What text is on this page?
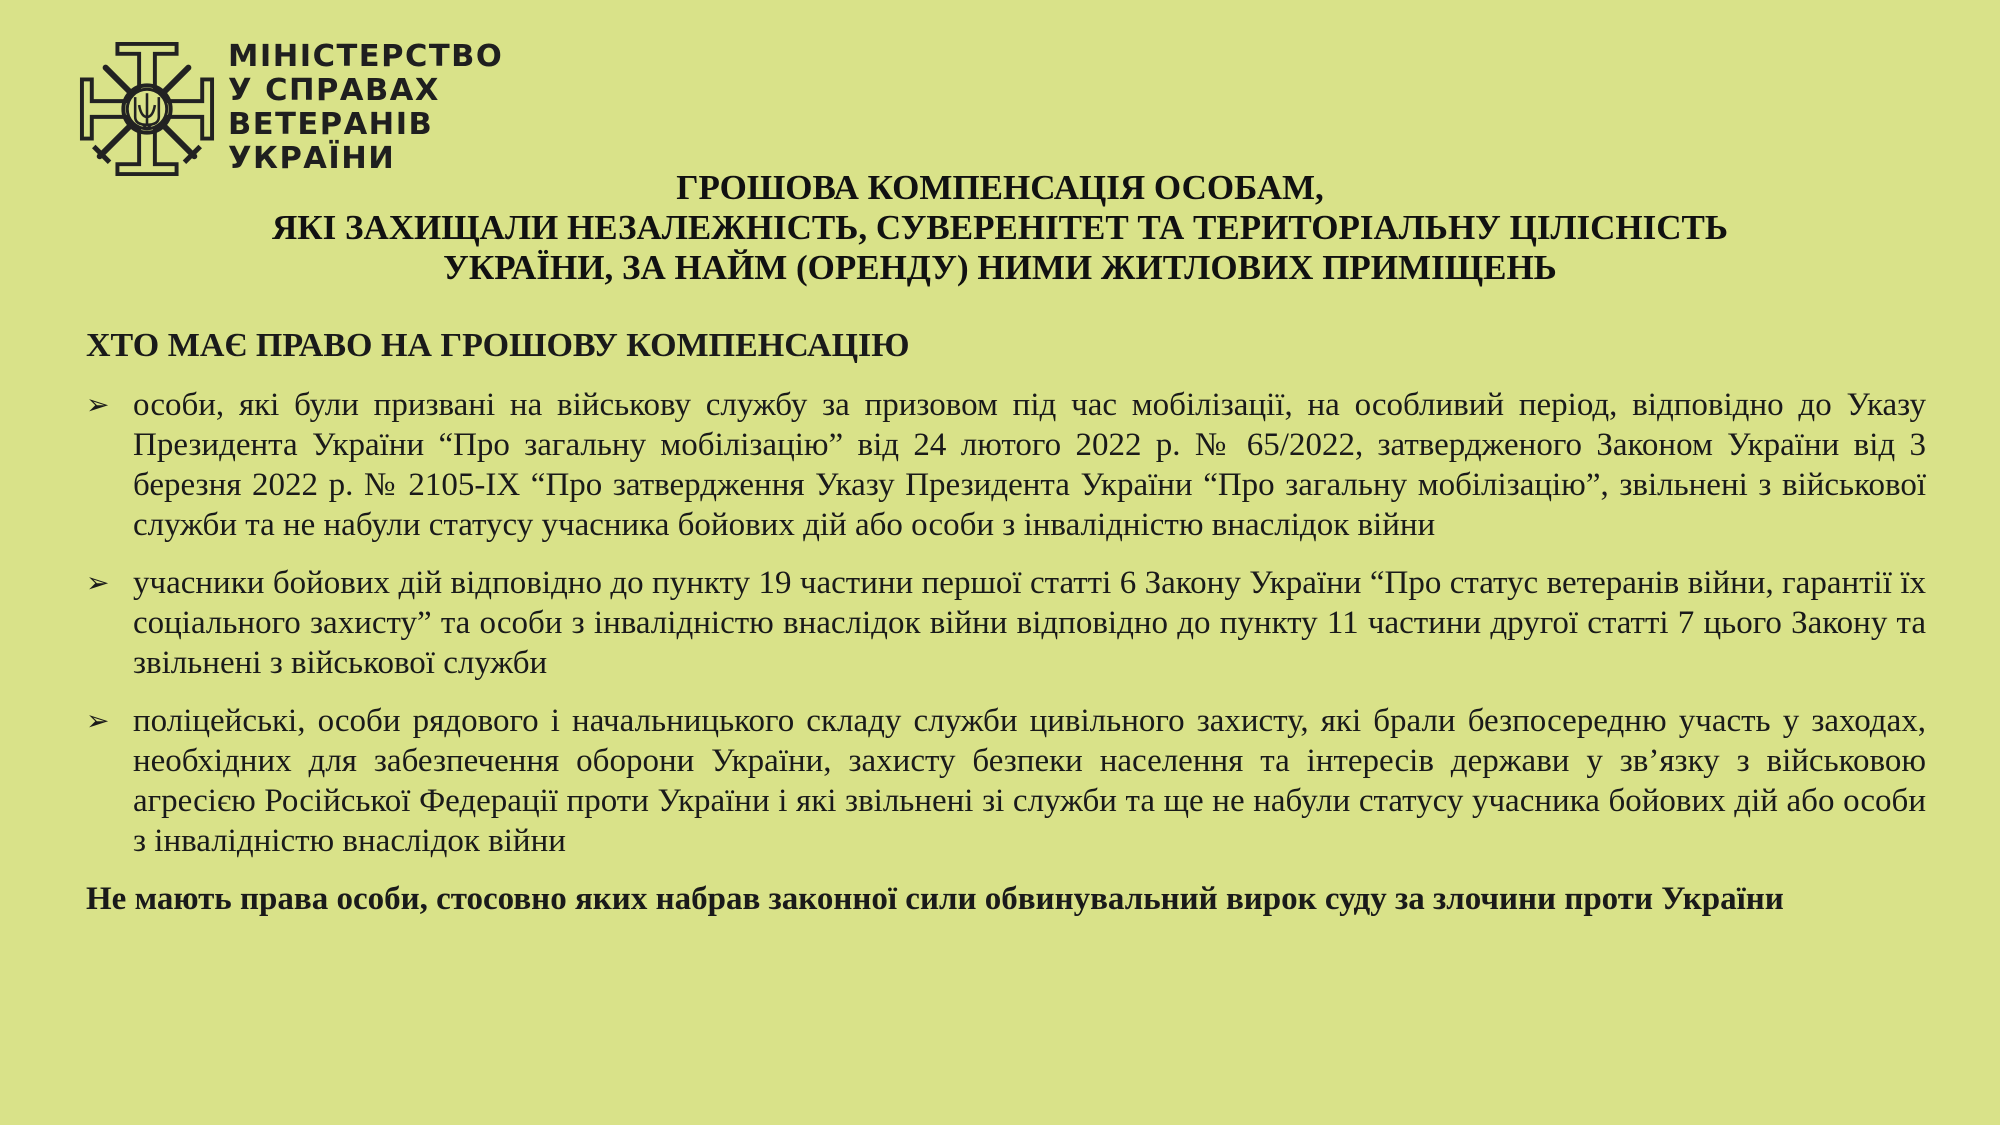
МІНІСТЕРСТВО
У СПРАВАХ
ВЕТЕРАНІВ
УКРАЇНИ
ГРОШОВА КОМПЕНСАЦІЯ ОСОБАМ,
ЯКІ ЗАХИЩАЛИ НЕЗАЛЕЖНІСТЬ, СУВЕРЕНІТЕТ ТА ТЕРИТОРІАЛЬНУ ЦІЛІСНІСТЬ
УКРАЇНИ, ЗА НАЙМ (ОРЕНДУ) НИМИ ЖИТЛОВИХ ПРИМІЩЕНЬ
ХТО МАЄ ПРАВО НА ГРОШОВУ КОМПЕНСАЦІЮ
➢ особи, які були призвані на військову службу за призовом під час мобілізації, на особливий період, відповідно до Указу Президента України “Про загальну мобілізацію” від 24 лютого 2022 р. № 65/2022, затвердженого Законом України від 3 березня 2022 р. № 2105-IX “Про затвердження Указу Президента України “Про загальну мобілізацію”, звільнені з військової служби та не набули статусу учасника бойових дій або особи з інвалідністю внаслідок війни
➢ учасники бойових дій відповідно до пункту 19 частини першої статті 6 Закону України “Про статус ветеранів війни, гарантії їх соціального захисту” та особи з інвалідністю внаслідок війни відповідно до пункту 11 частини другої статті 7 цього Закону та звільнені з військової служби
➢ поліцейські, особи рядового і начальницького складу служби цивільного захисту, які брали безпосередню участь у заходах, необхідних для забезпечення оборони України, захисту безпеки населення та інтересів держави у зв’язку з військовою агресією Російської Федерації проти України і які звільнені зі служби та ще не набули статусу учасника бойових дій або особи з інвалідністю внаслідок війни
Не мають права особи, стосовно яких набрав законної сили обвинувальний вирок суду за злочини проти України
